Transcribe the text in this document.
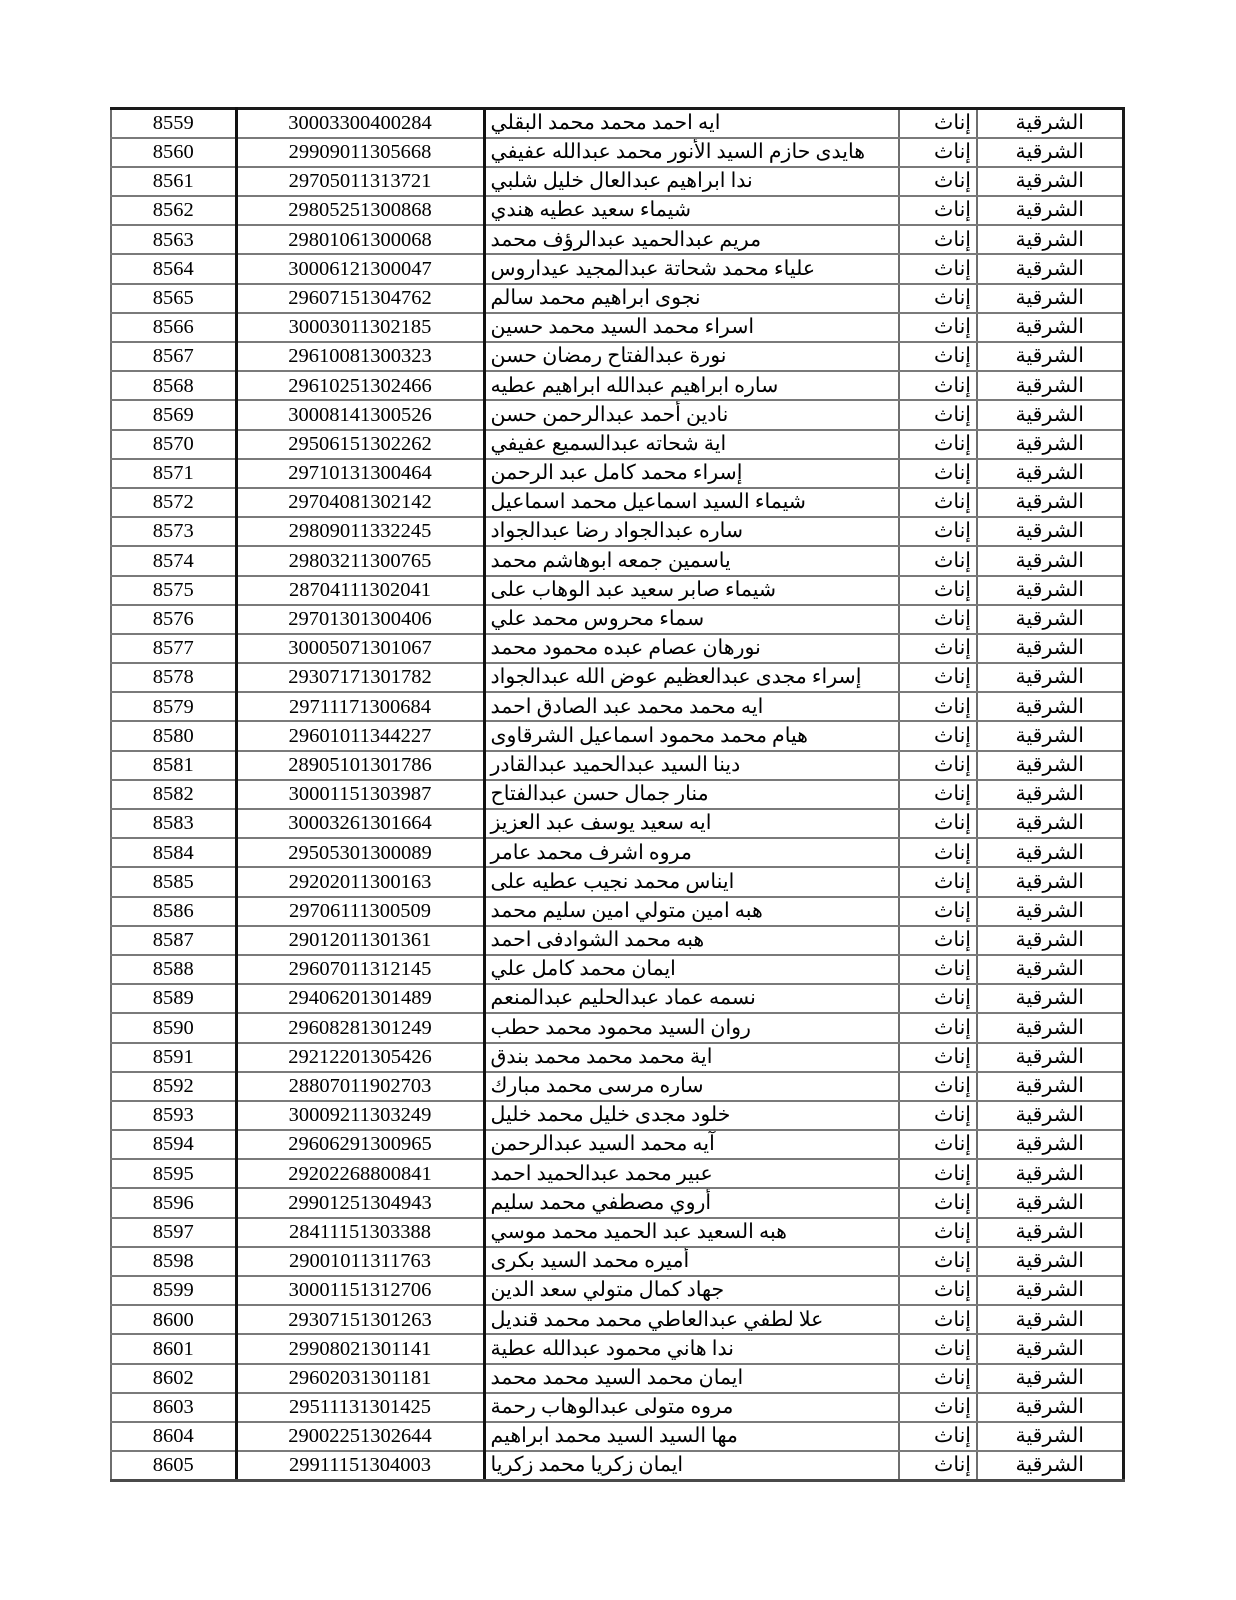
الشرقية	إناث	ايه احمد محمد محمد البقلي	30003300400284	8559
الشرقية	إناث	هايدى حازم السيد الأنور محمد عبدالله عفيفي	29909011305668	8560
الشرقية	إناث	ندا ابراهيم عبدالعال خليل شلبي	29705011313721	8561
الشرقية	إناث	شيماء سعيد عطيه هندي	29805251300868	8562
الشرقية	إناث	مريم عبدالحميد عبدالرؤف محمد	29801061300068	8563
الشرقية	إناث	علياء محمد شحاتة عبدالمجيد عيداروس	30006121300047	8564
الشرقية	إناث	نجوى ابراهيم محمد سالم	29607151304762	8565
الشرقية	إناث	اسراء محمد السيد محمد حسين	30003011302185	8566
الشرقية	إناث	نورة عبدالفتاح رمضان حسن	29610081300323	8567
الشرقية	إناث	ساره ابراهيم عبدالله ابراهيم عطيه	29610251302466	8568
الشرقية	إناث	نادين أحمد عبدالرحمن حسن	30008141300526	8569
الشرقية	إناث	اية شحاته عبدالسميع عفيفي	29506151302262	8570
الشرقية	إناث	إسراء محمد كامل عبد الرحمن	29710131300464	8571
الشرقية	إناث	شيماء السيد اسماعيل محمد اسماعيل	29704081302142	8572
الشرقية	إناث	ساره عبدالجواد رضا عبدالجواد	29809011332245	8573
الشرقية	إناث	ياسمين جمعه ابوهاشم محمد	29803211300765	8574
الشرقية	إناث	شيماء صابر سعيد عبد الوهاب على	28704111302041	8575
الشرقية	إناث	سماء محروس محمد علي	29701301300406	8576
الشرقية	إناث	نورهان عصام عبده محمود محمد	30005071301067	8577
الشرقية	إناث	إسراء مجدى عبدالعظيم عوض الله عبدالجواد	29307171301782	8578
الشرقية	إناث	ايه محمد محمد عبد الصادق احمد	29711171300684	8579
الشرقية	إناث	هيام محمد محمود اسماعيل الشرقاوى	29601011344227	8580
الشرقية	إناث	دينا السيد عبدالحميد عبدالقادر	28905101301786	8581
الشرقية	إناث	منار جمال حسن عبدالفتاح	30001151303987	8582
الشرقية	إناث	ايه سعيد يوسف عبد العزيز	30003261301664	8583
الشرقية	إناث	مروه اشرف محمد عامر	29505301300089	8584
الشرقية	إناث	ايناس محمد نجيب عطيه على	29202011300163	8585
الشرقية	إناث	هبه امين متولي امين سليم محمد	29706111300509	8586
الشرقية	إناث	هبه محمد الشوادفى احمد	29012011301361	8587
الشرقية	إناث	ايمان محمد كامل علي	29607011312145	8588
الشرقية	إناث	نسمه عماد عبدالحليم عبدالمنعم	29406201301489	8589
الشرقية	إناث	روان السيد محمود محمد حطب	29608281301249	8590
الشرقية	إناث	اية محمد محمد محمد بندق	29212201305426	8591
الشرقية	إناث	ساره مرسى محمد مبارك	28807011902703	8592
الشرقية	إناث	خلود مجدى خليل محمد خليل	30009211303249	8593
الشرقية	إناث	آيه محمد السيد عبدالرحمن	29606291300965	8594
الشرقية	إناث	عبير محمد عبدالحميد احمد	29202268800841	8595
الشرقية	إناث	أروي مصطفي محمد سليم	29901251304943	8596
الشرقية	إناث	هبه السعيد عبد الحميد محمد موسي	28411151303388	8597
الشرقية	إناث	أميره محمد السيد بكرى	29001011311763	8598
الشرقية	إناث	جهاد كمال متولي سعد الدين	30001151312706	8599
الشرقية	إناث	علا لطفي عبدالعاطي محمد محمد قنديل	29307151301263	8600
الشرقية	إناث	ندا هاني محمود عبدالله عطية	29908021301141	8601
الشرقية	إناث	ايمان محمد السيد محمد محمد	29602031301181	8602
الشرقية	إناث	مروه متولى عبدالوهاب رحمة	29511131301425	8603
الشرقية	إناث	مها السيد السيد محمد ابراهيم	29002251302644	8604
الشرقية	إناث	ايمان زكريا محمد زكريا	29911151304003	8605
